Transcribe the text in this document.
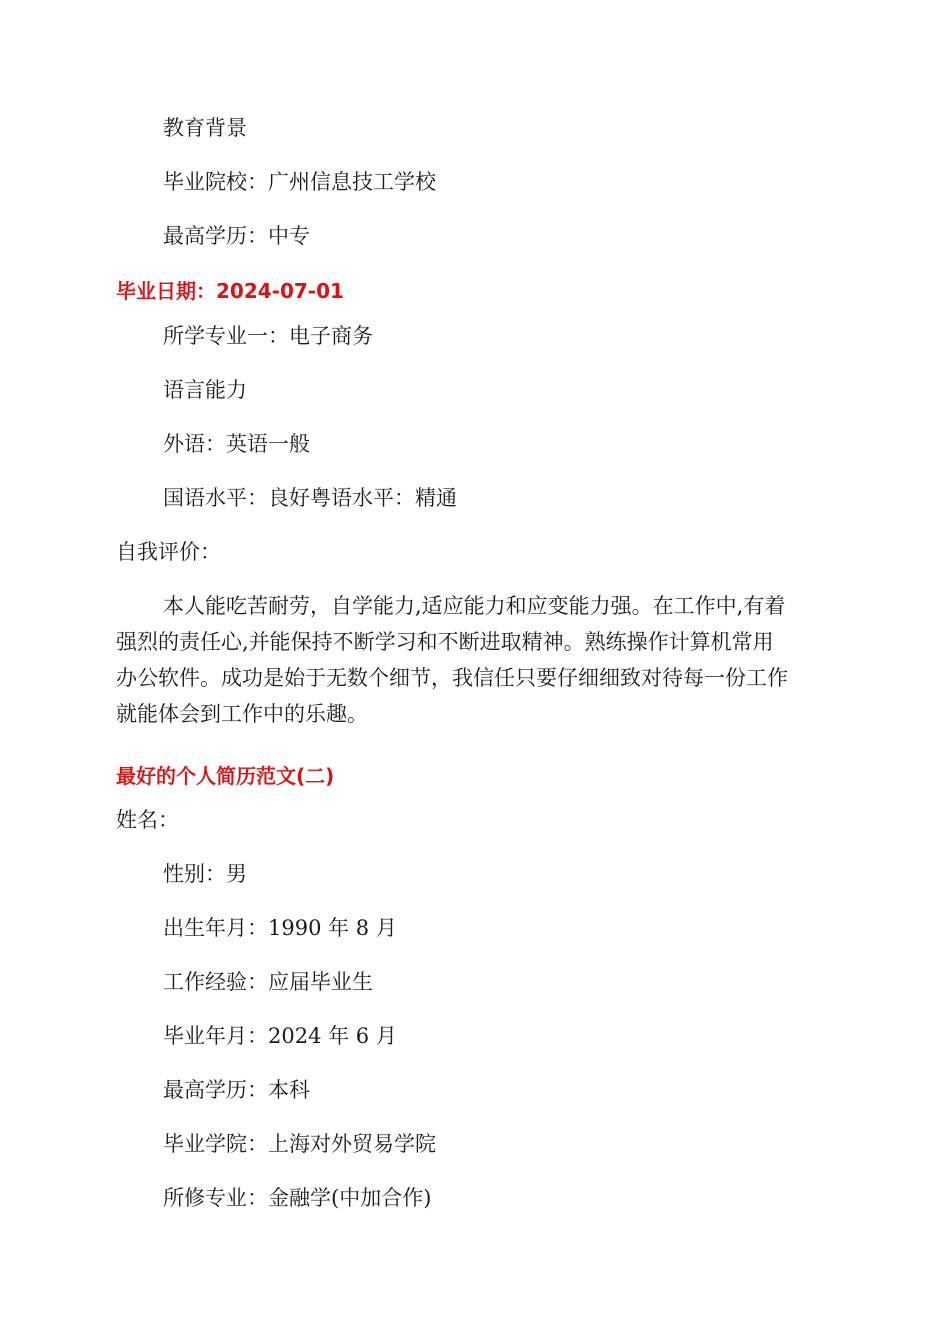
教育背景
毕业院校：广州信息技工学校
最高学历：中专
毕业日期：2024-07-01
所学专业一：电子商务
语言能力
外语：英语一般
国语水平：良好粤语水平：精通
自我评价：
本人能吃苦耐劳，自学能力,适应能力和应变能力强。在工作中,有着
强烈的责任心,并能保持不断学习和不断进取精神。熟练操作计算机常用
办公软件。成功是始于无数个细节，我信任只要仔细细致对待每一份工作
就能体会到工作中的乐趣。
最好的个人简历范文(二)
姓名：
性别：男
出生年月：1990 年 8 月
工作经验：应届毕业生
毕业年月：2024 年 6 月
最高学历：本科
毕业学院：上海对外贸易学院
所修专业：金融学(中加合作)
